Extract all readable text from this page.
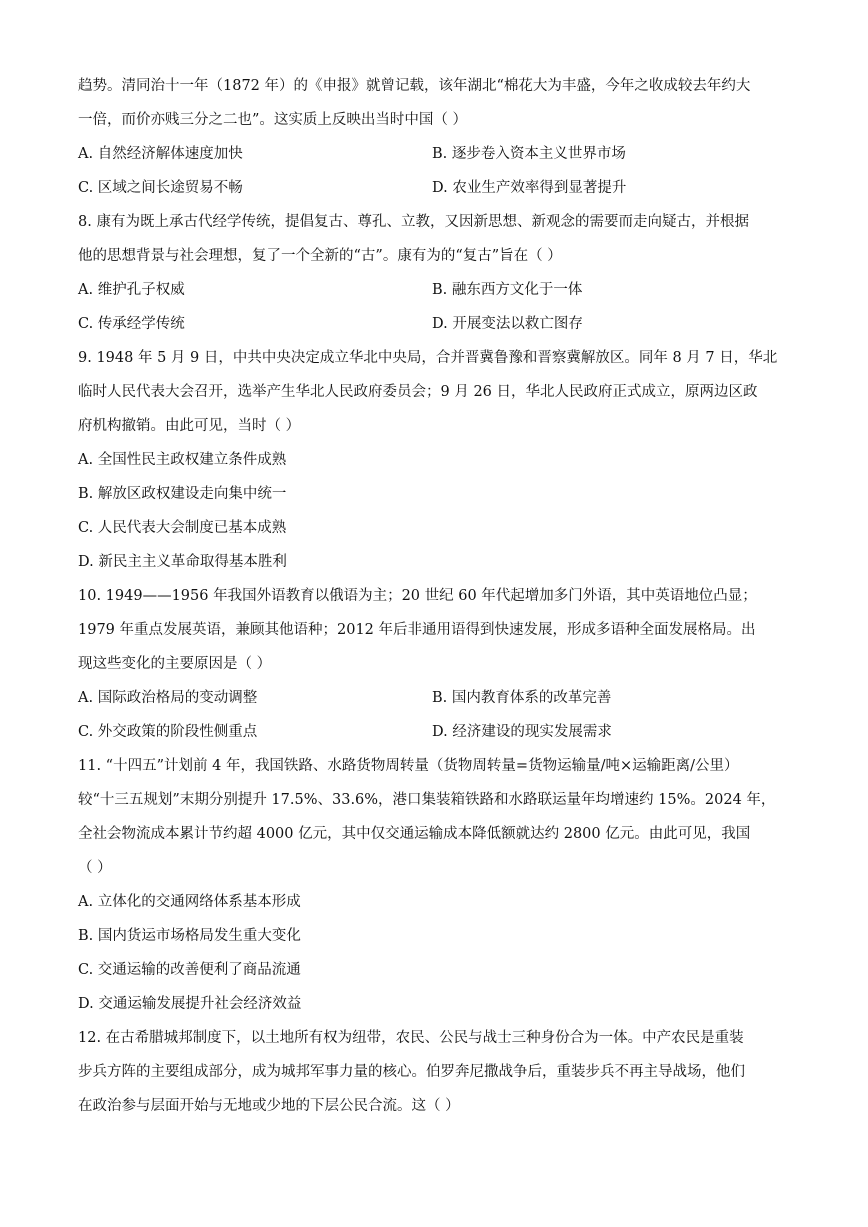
趋势。清同治十一年（1872 年）的《申报》就曾记载，该年湖北“棉花大为丰盛，今年之收成较去年约大
一倍，而价亦贱三分之二也”。这实质上反映出当时中国（ ）
A. 自然经济解体速度加快	B. 逐步卷入资本主义世界市场
C. 区域之间长途贸易不畅	D. 农业生产效率得到显著提升
8. 康有为既上承古代经学传统，提倡复古、尊孔、立教，又因新思想、新观念的需要而走向疑古，并根据
他的思想背景与社会理想，复了一个全新的“古”。康有为的“复古”旨在（ ）
A. 维护孔子权威	B. 融东西方文化于一体
C. 传承经学传统	D. 开展变法以救亡图存
9. 1948 年 5 月 9 日，中共中央决定成立华北中央局，合并晋冀鲁豫和晋察冀解放区。同年 8 月 7 日，华北
临时人民代表大会召开，选举产生华北人民政府委员会；9 月 26 日，华北人民政府正式成立，原两边区政
府机构撤销。由此可见，当时（ ）
A. 全国性民主政权建立条件成熟
B. 解放区政权建设走向集中统一
C. 人民代表大会制度已基本成熟
D. 新民主主义革命取得基本胜利
10. 1949——1956 年我国外语教育以俄语为主；20 世纪 60 年代起增加多门外语，其中英语地位凸显；
1979 年重点发展英语，兼顾其他语种；2012 年后非通用语得到快速发展，形成多语种全面发展格局。出
现这些变化的主要原因是（ ）
A. 国际政治格局的变动调整	B. 国内教育体系的改革完善
C. 外交政策的阶段性侧重点	D. 经济建设的现实发展需求
11. “十四五”计划前 4 年，我国铁路、水路货物周转量（货物周转量=货物运输量/吨×运输距离/公里）
较“十三五规划”末期分别提升 17.5%、33.6%，港口集装箱铁路和水路联运量年均增速约 15%。2024 年，
全社会物流成本累计节约超 4000 亿元，其中仅交通运输成本降低额就达约 2800 亿元。由此可见，我国
（ ）
A. 立体化的交通网络体系基本形成
B. 国内货运市场格局发生重大变化
C. 交通运输的改善便利了商品流通
D. 交通运输发展提升社会经济效益
12. 在古希腊城邦制度下，以土地所有权为纽带，农民、公民与战士三种身份合为一体。中产农民是重装
步兵方阵的主要组成部分，成为城邦军事力量的核心。伯罗奔尼撒战争后，重装步兵不再主导战场，他们
在政治参与层面开始与无地或少地的下层公民合流。这（ ）
